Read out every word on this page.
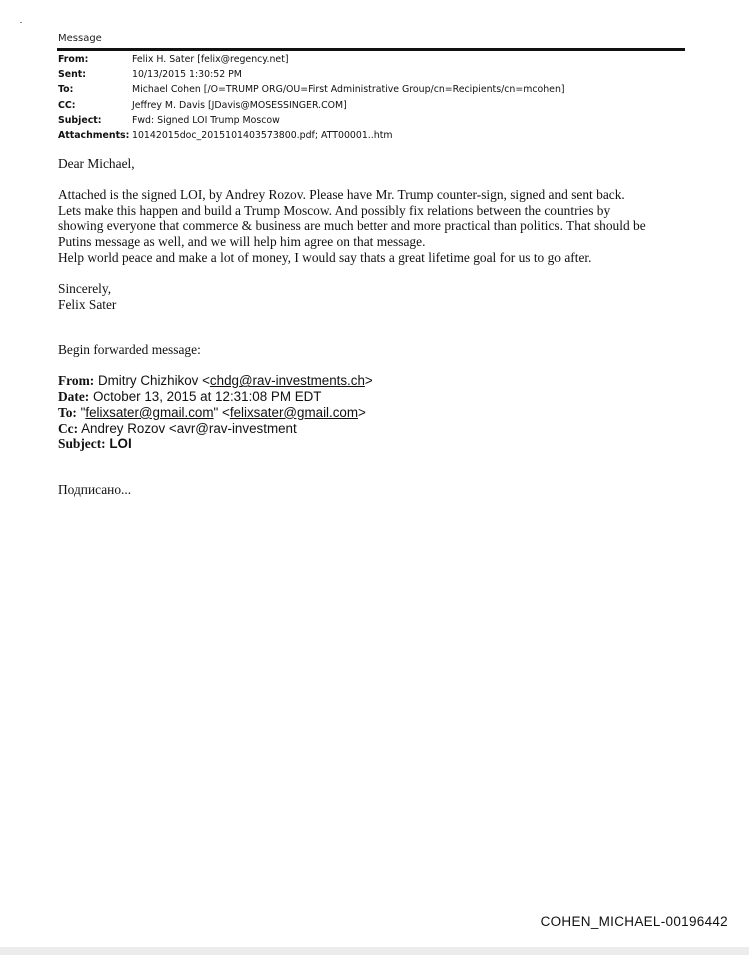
Message
From:	Felix H. Sater [felix@regency.net]
Sent:	10/13/2015 1:30:52 PM
To:	Michael Cohen [/O=TRUMP ORG/OU=First Administrative Group/cn=Recipients/cn=mcohen]
CC:	Jeffrey M. Davis [JDavis@MOSESSINGER.COM]
Subject:	Fwd: Signed LOI Trump Moscow
Attachments: 10142015doc_2015101403573800.pdf; ATT00001..htm

Dear Michael,

Attached is the signed LOI, by Andrey Rozov. Please have Mr. Trump counter-sign, signed and sent back.

Lets make this happen and build a Trump Moscow. And possibly fix relations between the countries by

showing everyone that commerce & business are much better and more practical than politics. That should be

Putins message as well, and we will help him agree on that message.

Help world peace and make a lot of money, I would say thats a great lifetime goal for us to go after.

Sincerely,

Felix Sater

Begin forwarded message:

From: Dmitry Chizhikov <chdg@rav-investments.ch>

Date: October 13, 2015 at 12:31:08 PM EDT

To: "felixsater@gmail.com" <felixsater@gmail.com>

Cc: Andrey Rozov <avr@rav-investment

Subject: LOI

Подписано...

COHEN_MICHAEL-00196442
